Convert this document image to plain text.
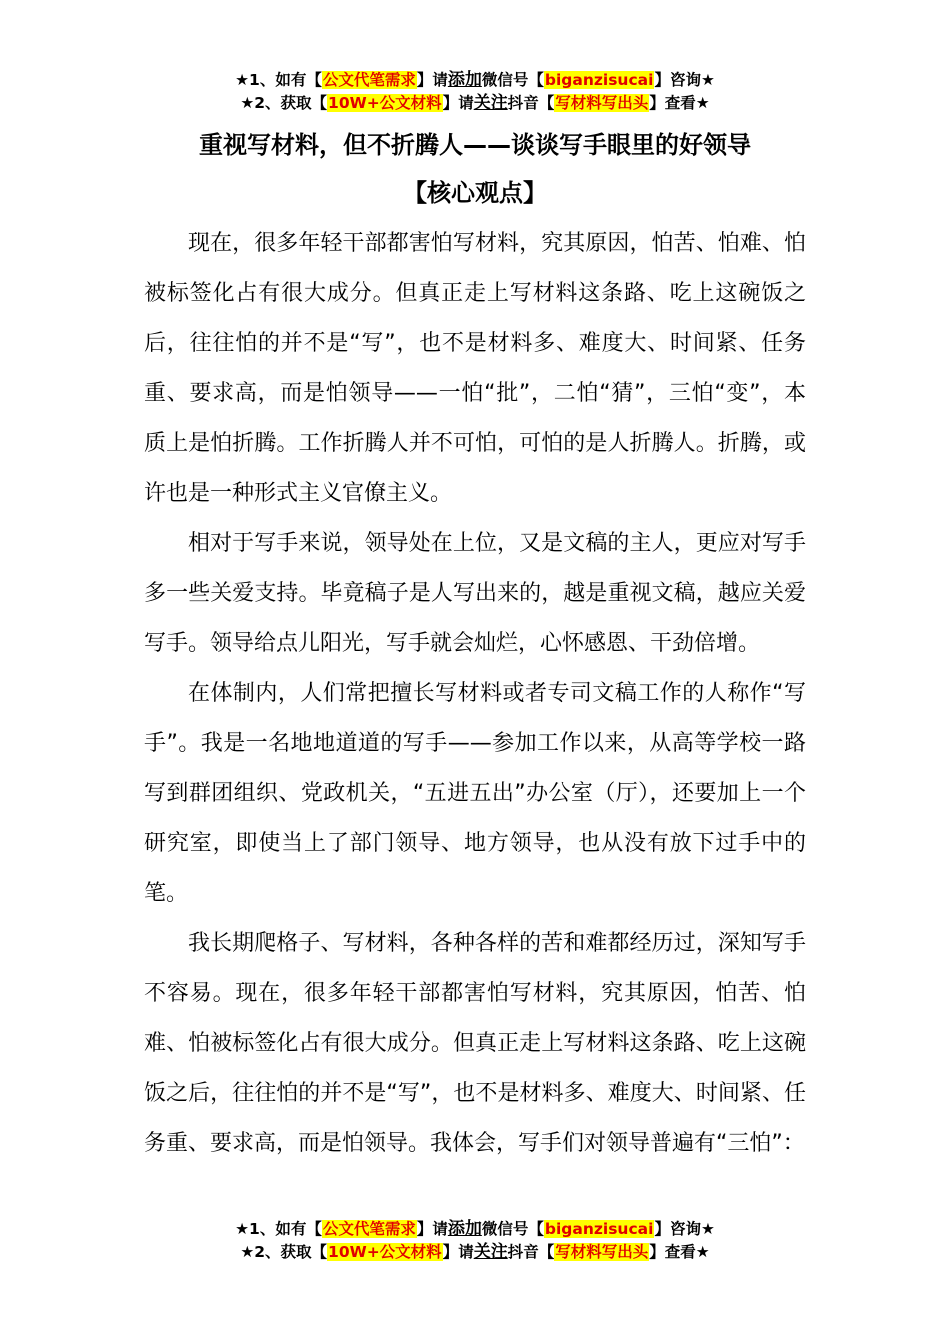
★1、如有【公文代笔需求】请添加微信号【biganzisucai】咨询★
★2、获取【10W+公文材料】请关注抖音【写材料写出头】查看★
重视写材料，但不折腾人——谈谈写手眼里的好领导
【核心观点】

现在，很多年轻干部都害怕写材料，究其原因，怕苦、怕难、怕被标签化占有很大成分。但真正走上写材料这条路、吃上这碗饭之后，往往怕的并不是“写”，也不是材料多、难度大、时间紧、任务重、要求高，而是怕领导——一怕“批”，二怕“猜”，三怕“变”，本质上是怕折腾。工作折腾人并不可怕，可怕的是人折腾人。折腾，或许也是一种形式主义官僚主义。

相对于写手来说，领导处在上位，又是文稿的主人，更应对写手多一些关爱支持。毕竟稿子是人写出来的，越是重视文稿，越应关爱写手。领导给点儿阳光，写手就会灿烂，心怀感恩、干劲倍增。

在体制内，人们常把擅长写材料或者专司文稿工作的人称作“写手”。我是一名地地道道的写手——参加工作以来，从高等学校一路写到群团组织、党政机关，“五进五出”办公室（厅），还要加上一个研究室，即使当上了部门领导、地方领导，也从没有放下过手中的笔。

我长期爬格子、写材料，各种各样的苦和难都经历过，深知写手不容易。现在，很多年轻干部都害怕写材料，究其原因，怕苦、怕难、怕被标签化占有很大成分。但真正走上写材料这条路、吃上这碗饭之后，往往怕的并不是“写”，也不是材料多、难度大、时间紧、任务重、要求高，而是怕领导。我体会，写手们对领导普遍有“三怕”：

★1、如有【公文代笔需求】请添加微信号【biganzisucai】咨询★
★2、获取【10W+公文材料】请关注抖音【写材料写出头】查看★
